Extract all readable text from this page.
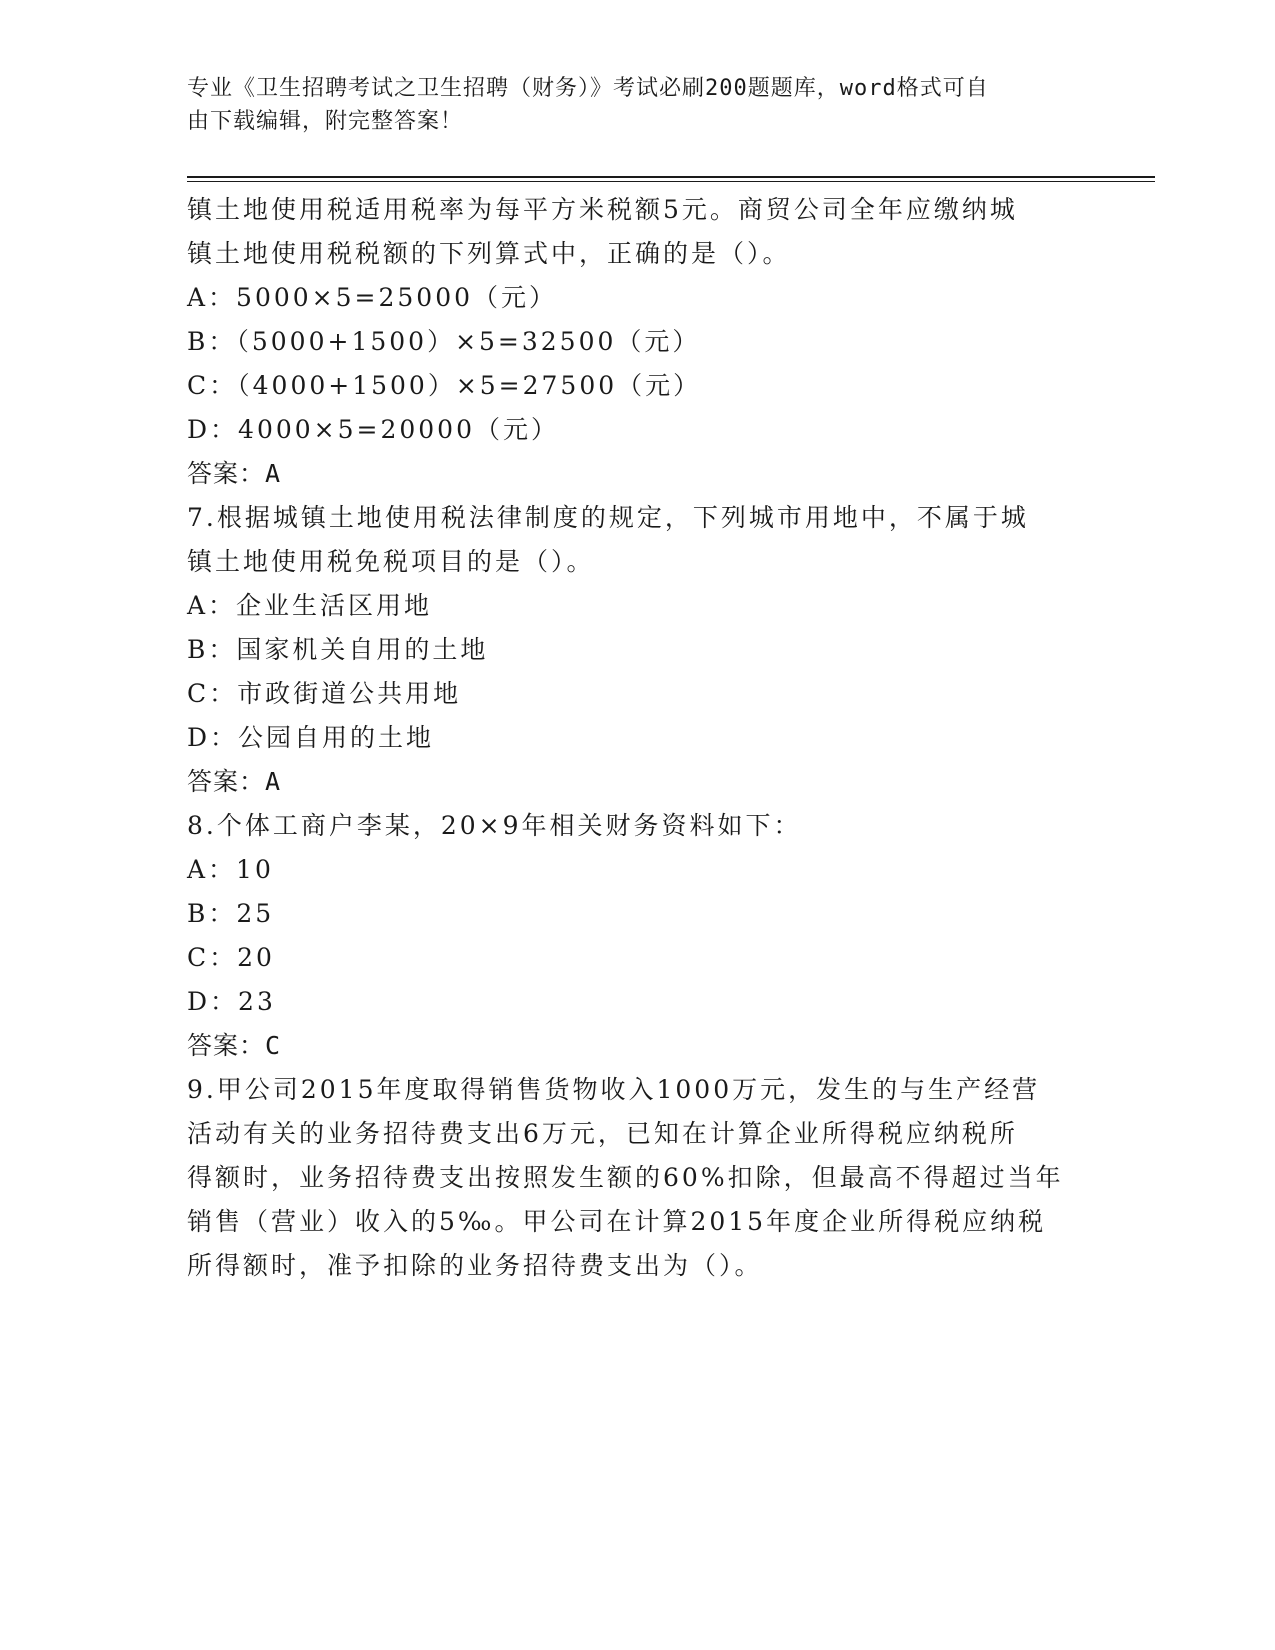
专业《卫生招聘考试之卫生招聘（财务）》考试必刷200题题库，word格式可自
由下载编辑，附完整答案！
镇土地使用税适用税率为每平方米税额5元。商贸公司全年应缴纳城
镇土地使用税税额的下列算式中，正确的是（）。
A：5000×5=25000（元）
B：（5000+1500）×5=32500（元）
C：（4000+1500）×5=27500（元）
D：4000×5=20000（元）
答案：A
7.根据城镇土地使用税法律制度的规定，下列城市用地中，不属于城
镇土地使用税免税项目的是（）。
A：企业生活区用地
B：国家机关自用的土地
C：市政街道公共用地
D：公园自用的土地
答案：A
8.个体工商户李某，20×9年相关财务资料如下：
A：10
B：25
C：20
D：23
答案：C
9.甲公司2015年度取得销售货物收入1000万元，发生的与生产经营
活动有关的业务招待费支出6万元，已知在计算企业所得税应纳税所
得额时，业务招待费支出按照发生额的60%扣除，但最高不得超过当年
销售（营业）收入的5‰。甲公司在计算2015年度企业所得税应纳税
所得额时，准予扣除的业务招待费支出为（）。
